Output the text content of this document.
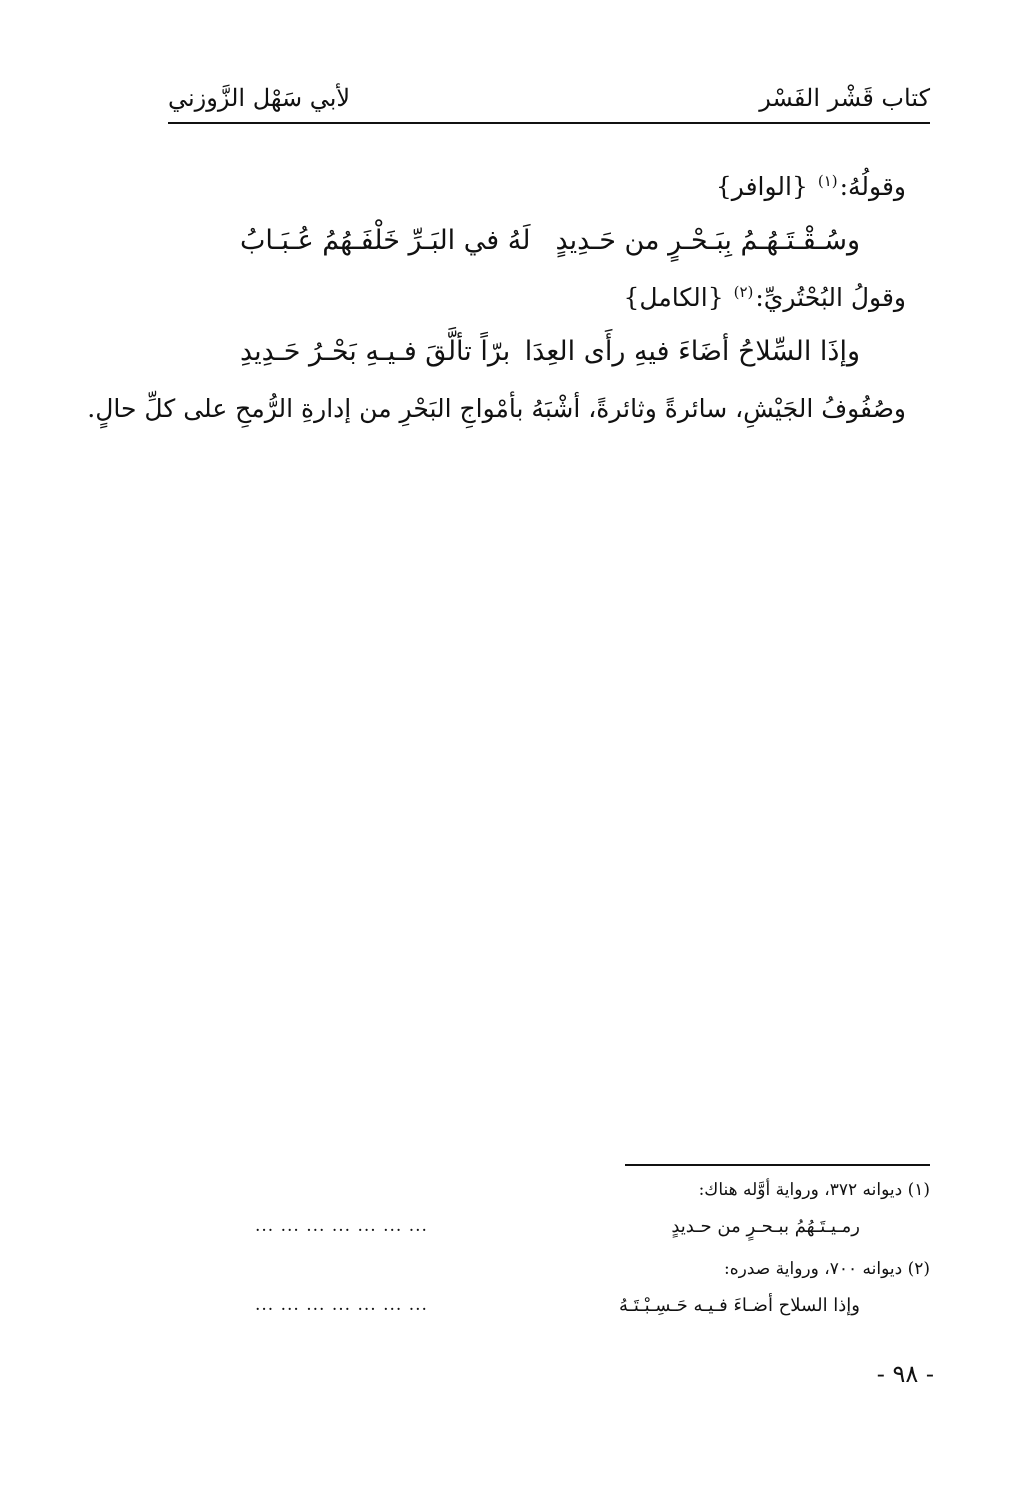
كتاب قَشْر الفَسْر
لأبي سَهْل الزَّوزني
وقولُهُ:$^{(١)}$ {الوافر}
وسُـقْـتَـهُـمُ بِبَـحْـرٍ من حَـدِيدٍ
لَهُ في البَـرِّ خَلْفَـهُمُ عُـبَـابُ
وقولُ البُحْتُريِّ:$^{(٢)}$ {الكامل}
وإذَا السِّلاحُ أضَاءَ فيهِ رأَى العِدَا
برّاً تألَّقَ فـيـهِ بَحْـرُ حَـدِيدِ
وصُفُوفُ الجَيْشِ، سائرةً وثائرةً، أشْبَهُ بأمْواجِ البَحْرِ من إدارةِ الرُّمحِ على كلِّ حالٍ.
(١) ديوانه ٣٧٢، ورواية أوَّله هناك:
رمـيـتَـهُمُ ببـحـرٍ من حـديدٍ
... ... ... ... ... ... ...
(٢) ديوانه ٧٠٠، ورواية صدره:
وإذا السلاح أضـاءَ فـيـه حَـسِـبْـتَـهُ
... ... ... ... ... ... ...
- ٩٨ -
